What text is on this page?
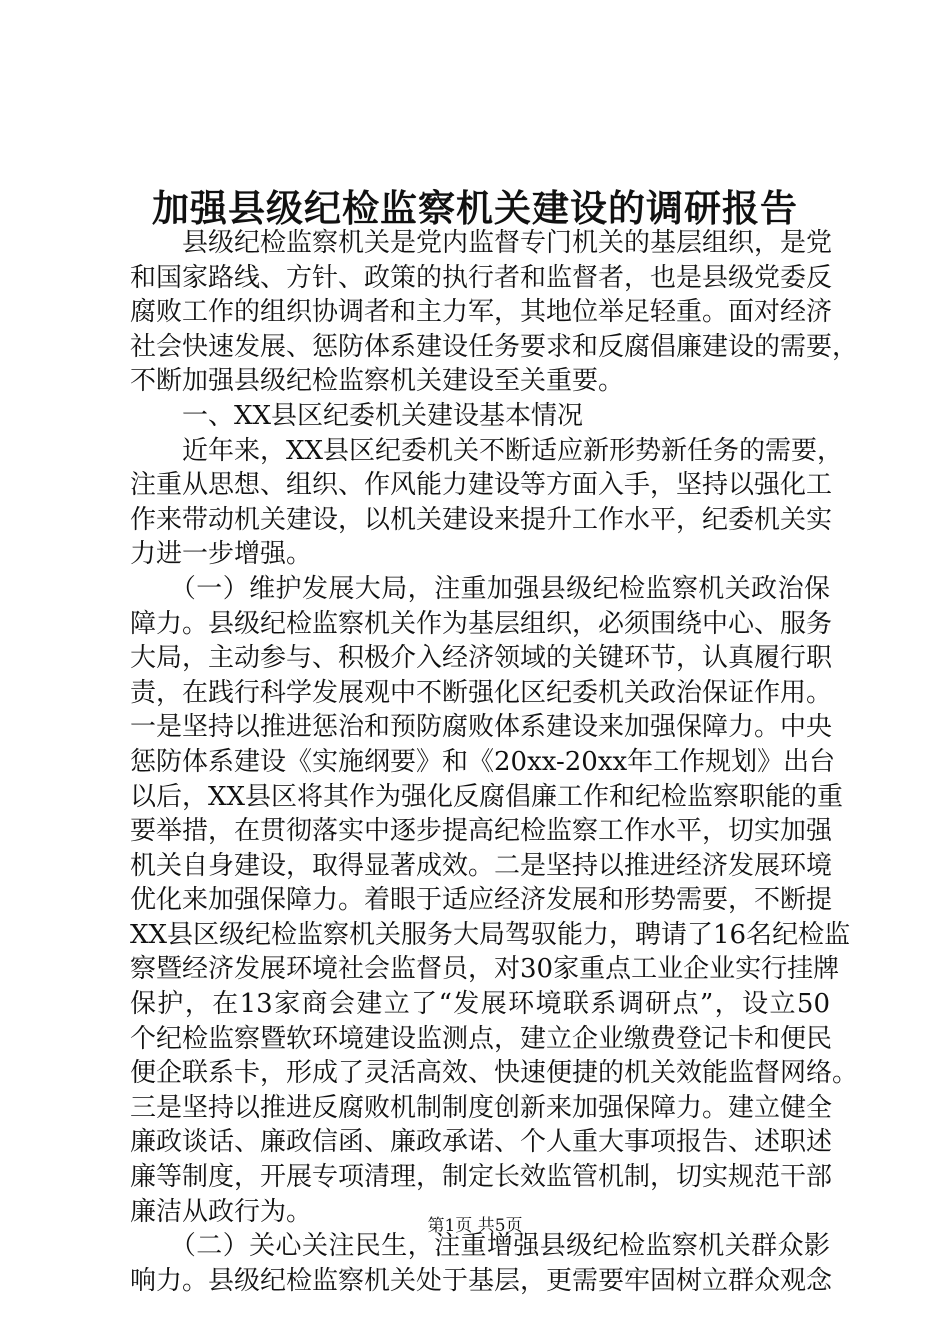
加强县级纪检监察机关建设的调研报告

　　县级纪检监察机关是党内监督专门机关的基层组织，是党
和国家路线、方针、政策的执行者和监督者，也是县级党委反
腐败工作的组织协调者和主力军，其地位举足轻重。面对经济
社会快速发展、惩防体系建设任务要求和反腐倡廉建设的需要，
不断加强县级纪检监察机关建设至关重要。

　　一、XX县区纪委机关建设基本情况

　　近年来，XX县区纪委机关不断适应新形势新任务的需要，
注重从思想、组织、作风能力建设等方面入手，坚持以强化工
作来带动机关建设，以机关建设来提升工作水平，纪委机关实
力进一步增强。

　　（一）维护发展大局，注重加强县级纪检监察机关政治保
障力。县级纪检监察机关作为基层组织，必须围绕中心、服务
大局，主动参与、积极介入经济领域的关键环节，认真履行职
责，在践行科学发展观中不断强化区纪委机关政治保证作用。
一是坚持以推进惩治和预防腐败体系建设来加强保障力。中央
惩防体系建设《实施纲要》和《20xx-20xx年工作规划》出台
以后，XX县区将其作为强化反腐倡廉工作和纪检监察职能的重
要举措，在贯彻落实中逐步提高纪检监察工作水平，切实加强
机关自身建设，取得显著成效。二是坚持以推进经济发展环境
优化来加强保障力。着眼于适应经济发展和形势需要，不断提
XX县区级纪检监察机关服务大局驾驭能力，聘请了16名纪检监
察暨经济发展环境社会监督员，对30家重点工业企业实行挂牌
保护，在13家商会建立了“发展环境联系调研点”，设立50
个纪检监察暨软环境建设监测点，建立企业缴费登记卡和便民
便企联系卡，形成了灵活高效、快速便捷的机关效能监督网络。
三是坚持以推进反腐败机制制度创新来加强保障力。建立健全
廉政谈话、廉政信函、廉政承诺、个人重大事项报告、述职述
廉等制度，开展专项清理，制定长效监管机制，切实规范干部
廉洁从政行为。

　　（二）关心关注民生，注重增强县级纪检监察机关群众影
响力。县级纪检监察机关处于基层，更需要牢固树立群众观念

第1页 共5页
